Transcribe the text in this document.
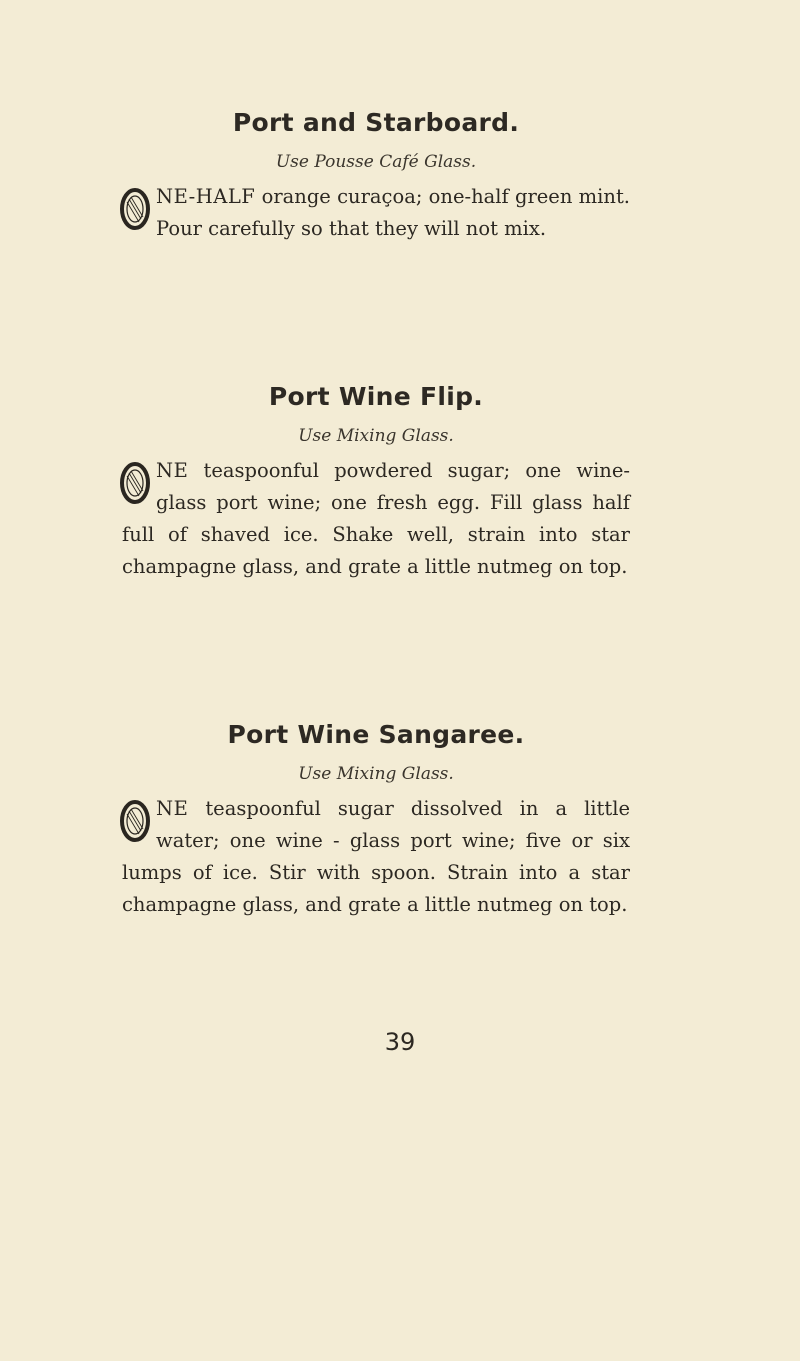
Port and Starboard.

Use Pousse Café Glass.

NE-HALF orange curaçoa; one-half green mint. Pour carefully so that they will not mix.

Port Wine Flip.

Use Mixing Glass.

NE teaspoonful powdered sugar; one wine-glass port wine; one fresh egg. Fill glass half full of shaved ice. Shake well, strain into star champagne glass, and grate a little nutmeg on top.

Port Wine Sangaree.

Use Mixing Glass.

NE teaspoonful sugar dissolved in a little water; one wine - glass port wine; five or six lumps of ice. Stir with spoon. Strain into a star champagne glass, and grate a little nutmeg on top.

39
